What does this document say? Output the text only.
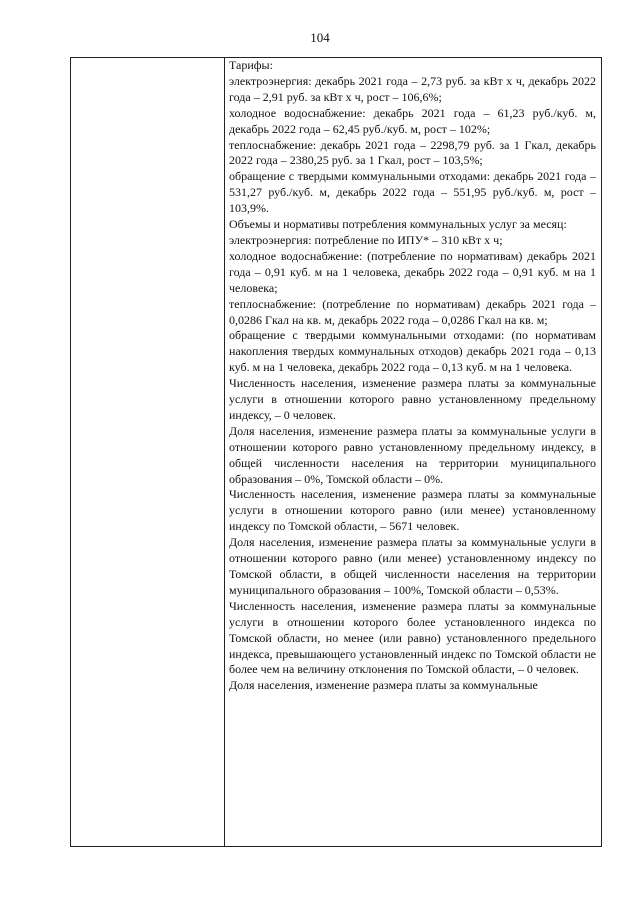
104

Тарифы:

электроэнергия: декабрь 2021 года – 2,73 руб. за кВт х ч, декабрь 2022 года – 2,91 руб. за кВт х ч, рост – 106,6%;

холодное водоснабжение: декабрь 2021 года – 61,23 руб./куб. м, декабрь 2022 года – 62,45 руб./куб. м, рост – 102%;

теплоснабжение: декабрь 2021 года – 2298,79 руб. за 1 Гкал, декабрь 2022 года – 2380,25 руб. за 1 Гкал, рост – 103,5%;

обращение с твердыми коммунальными отходами: декабрь 2021 года – 531,27 руб./куб. м, декабрь 2022 года – 551,95 руб./куб. м, рост – 103,9%.

Объемы и нормативы потребления коммунальных услуг за месяц:

электроэнергия: потребление по ИПУ* – 310 кВт х ч;

холодное водоснабжение: (потребление по нормативам) декабрь 2021 года – 0,91 куб. м на 1 человека, декабрь 2022 года – 0,91 куб. м на 1 человека;

теплоснабжение: (потребление по нормативам) декабрь 2021 года – 0,0286 Гкал на кв. м, декабрь 2022 года – 0,0286 Гкал на кв. м;

обращение с твердыми коммунальными отходами: (по нормативам накопления твердых коммунальных отходов) декабрь 2021 года – 0,13 куб. м на 1 человека, декабрь 2022 года – 0,13 куб. м на 1 человека.

Численность населения, изменение размера платы за коммунальные услуги в отношении которого равно установленному предельному индексу, – 0 человек.

Доля населения, изменение размера платы за коммунальные услуги в отношении которого равно установленному предельному индексу, в общей численности населения на территории муниципального образования – 0%, Томской области – 0%.

Численность населения, изменение размера платы за коммунальные услуги в отношении которого равно (или менее) установленному индексу по Томской области, – 5671 человек.

Доля населения, изменение размера платы за коммунальные услуги в отношении которого равно (или менее) установленному индексу по Томской области, в общей численности населения на территории муниципального образования – 100%, Томской области – 0,53%.

Численность населения, изменение размера платы за коммунальные услуги в отношении которого более установленного индекса по Томской области, но менее (или равно) установленного предельного индекса, превышающего установленный индекс по Томской области не более чем на величину отклонения по Томской области, – 0 человек.

Доля населения, изменение размера платы за коммунальные
